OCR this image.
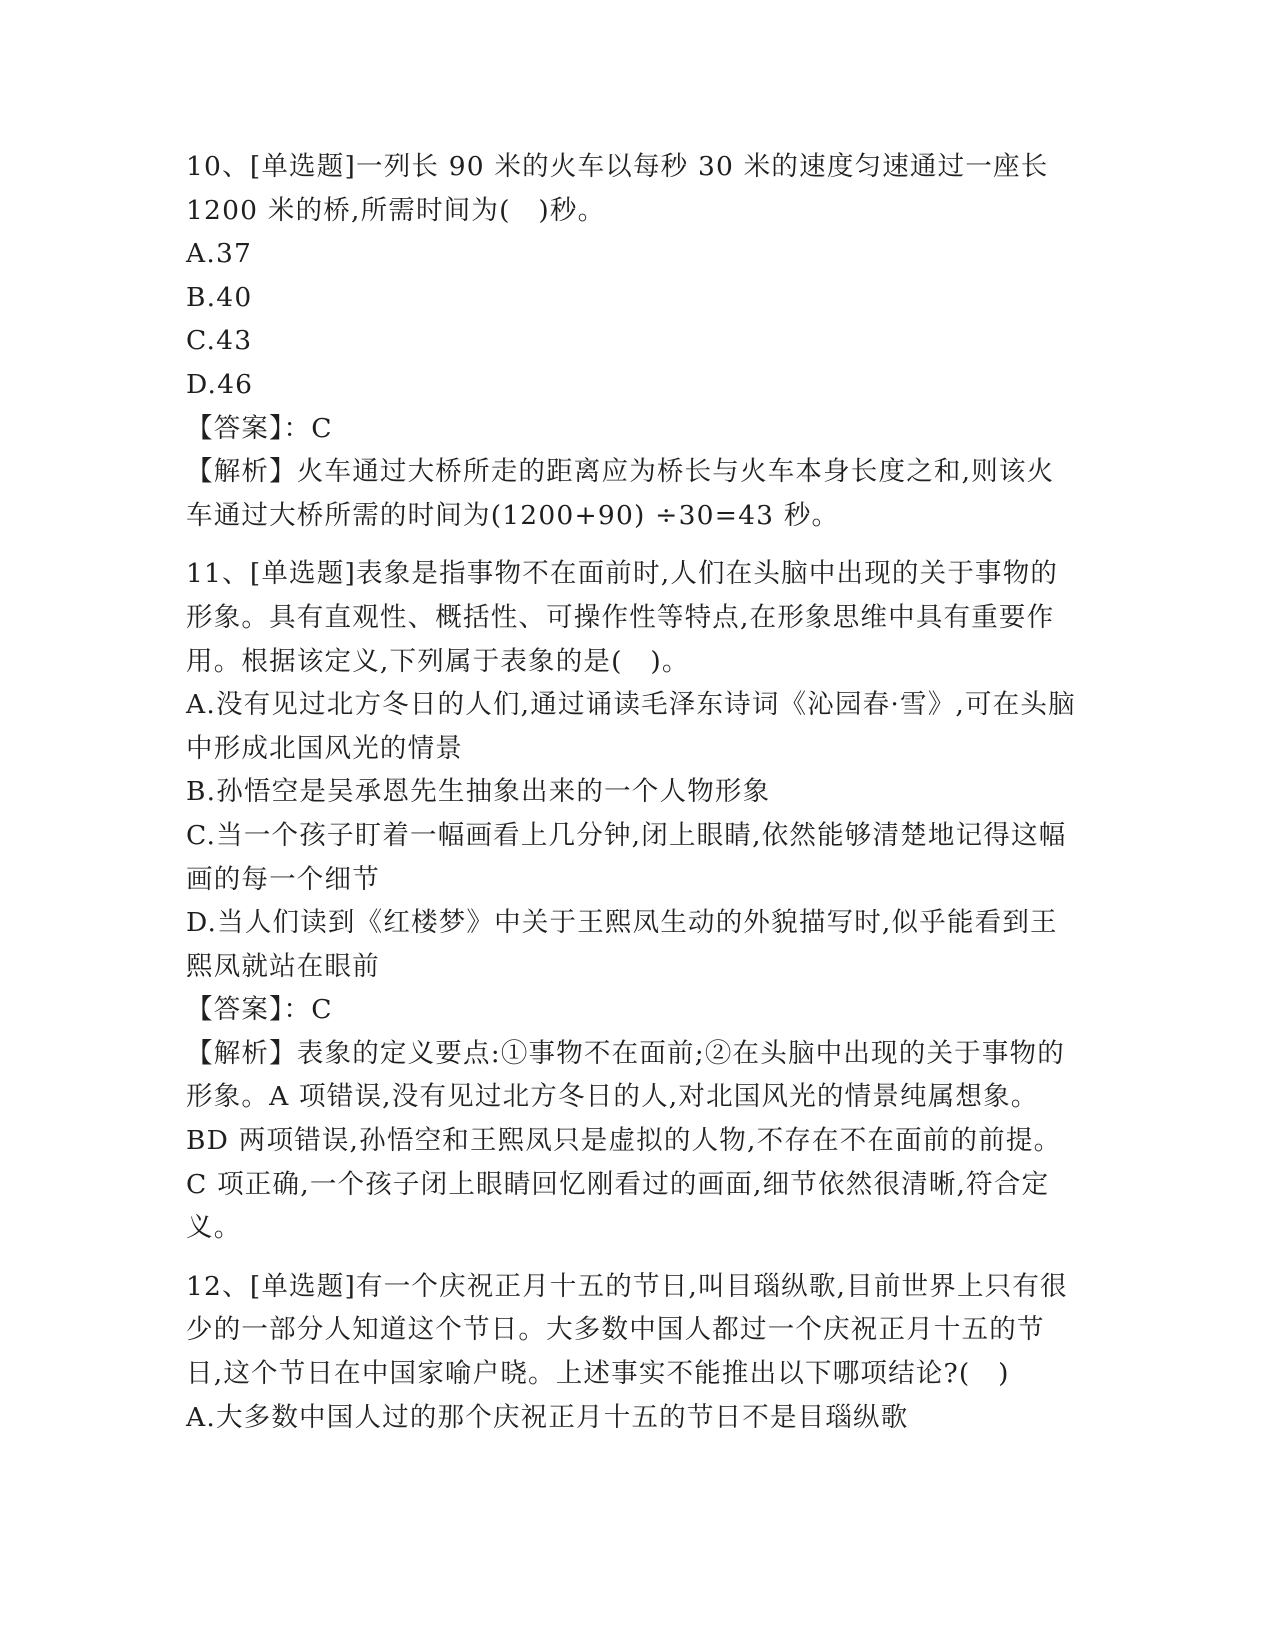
10、[单选题]一列长 90 米的火车以每秒 30 米的速度匀速通过一座长 1200 米的桥,所需时间为(　)秒。
A.37
B.40
C.43
D.46
【答案】：C
【解析】火车通过大桥所走的距离应为桥长与火车本身长度之和,则该火车通过大桥所需的时间为(1200+90) ÷30=43 秒。
11、[单选题]表象是指事物不在面前时,人们在头脑中出现的关于事物的形象。具有直观性、概括性、可操作性等特点,在形象思维中具有重要作用。根据该定义,下列属于表象的是(　)。
A.没有见过北方冬日的人们,通过诵读毛泽东诗词《沁园春·雪》,可在头脑中形成北国风光的情景
B.孙悟空是吴承恩先生抽象出来的一个人物形象
C.当一个孩子盯着一幅画看上几分钟,闭上眼睛,依然能够清楚地记得这幅画的每一个细节
D.当人们读到《红楼梦》中关于王熙凤生动的外貌描写时,似乎能看到王熙凤就站在眼前
【答案】：C
【解析】表象的定义要点:①事物不在面前;②在头脑中出现的关于事物的形象。A 项错误,没有见过北方冬日的人,对北国风光的情景纯属想象。BD 两项错误,孙悟空和王熙凤只是虚拟的人物,不存在不在面前的前提。C 项正确,一个孩子闭上眼睛回忆刚看过的画面,细节依然很清晰,符合定义。
12、[单选题]有一个庆祝正月十五的节日,叫目瑙纵歌,目前世界上只有很少的一部分人知道这个节日。大多数中国人都过一个庆祝正月十五的节日,这个节日在中国家喻户晓。上述事实不能推出以下哪项结论?(　)
A.大多数中国人过的那个庆祝正月十五的节日不是目瑙纵歌
